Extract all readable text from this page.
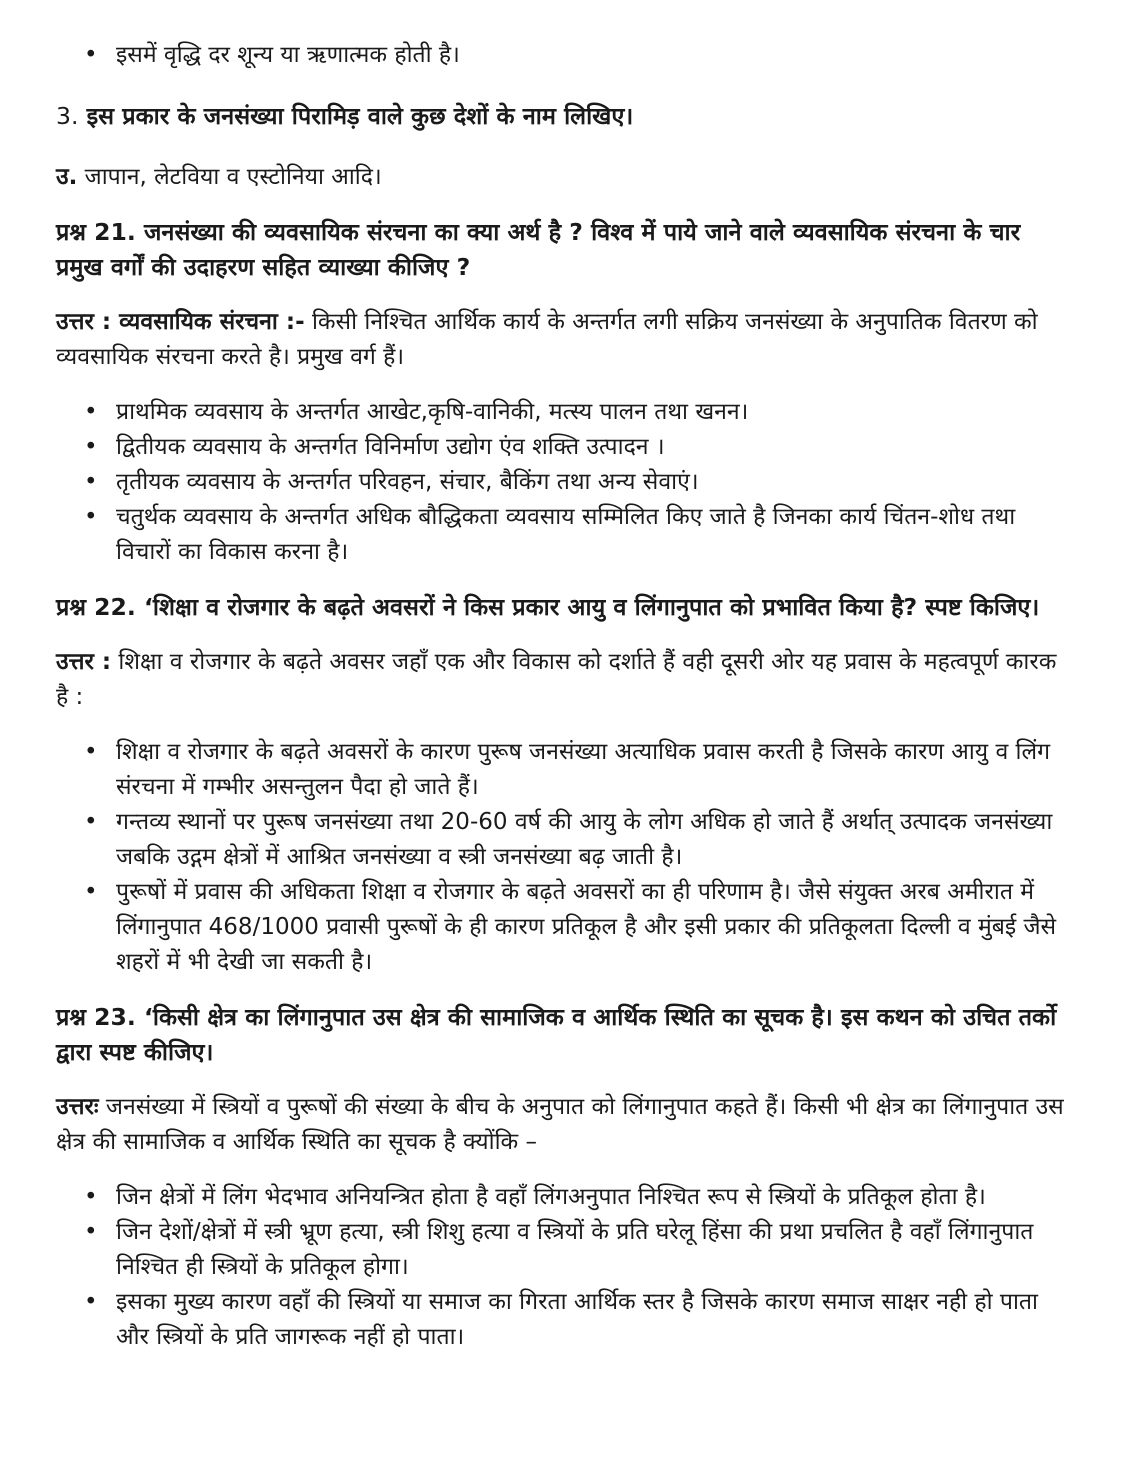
• इसमें वृद्धि दर शून्य या ऋणात्मक होती है।

3. इस प्रकार के जनसंख्या पिरामिड़ वाले कुछ देशों के नाम लिखिए।

उ. जापान, लेटविया व एस्टोनिया आदि।

प्रश्न 21. जनसंख्या की व्यवसायिक संरचना का क्या अर्थ है ? विश्व में पाये जाने वाले व्यवसायिक संरचना के चार प्रमुख वर्गों की उदाहरण सहित व्याख्या कीजिए ?

उत्तर : व्यवसायिक संरचना :- किसी निश्चित आर्थिक कार्य के अन्तर्गत लगी सक्रिय जनसंख्या के अनुपातिक वितरण को व्यवसायिक संरचना करते है। प्रमुख वर्ग हैं।

• प्राथमिक व्यवसाय के अन्तर्गत आखेट,कृषि-वानिकी, मत्स्य पालन तथा खनन।
• द्वितीयक व्यवसाय के अन्तर्गत विनिर्माण उद्योग एंव शक्ति उत्पादन ।
• तृतीयक व्यवसाय के अन्तर्गत परिवहन, संचार, बैकिंग तथा अन्य सेवाएं।
• चतुर्थक व्यवसाय के अन्तर्गत अधिक बौद्धिकता व्यवसाय सम्मिलित किए जाते है जिनका कार्य चिंतन-शोध तथा विचारों का विकास करना है।

प्रश्न 22. ‘शिक्षा व रोजगार के बढ़ते अवसरों ने किस प्रकार आयु व लिंगानुपात को प्रभावित किया है? स्पष्ट किजिए।

उत्तर : शिक्षा व रोजगार के बढ़ते अवसर जहाँ एक और विकास को दर्शाते हैं वही दूसरी ओर यह प्रवास के महत्वपूर्ण कारक है :

• शिक्षा व रोजगार के बढ़ते अवसरों के कारण पुरूष जनसंख्या अत्याधिक प्रवास करती है जिसके कारण आयु व लिंग संरचना में गम्भीर असन्तुलन पैदा हो जाते हैं।
• गन्तव्य स्थानों पर पुरूष जनसंख्या तथा 20-60 वर्ष की आयु के लोग अधिक हो जाते हैं अर्थात् उत्पादक जनसंख्या जबकि उद्गम क्षेत्रों में आश्रित जनसंख्या व स्त्री जनसंख्या बढ़ जाती है।
• पुरूषों में प्रवास की अधिकता शिक्षा व रोजगार के बढ़ते अवसरों का ही परिणाम है। जैसे संयुक्त अरब अमीरात में लिंगानुपात 468/1000 प्रवासी पुरूषों के ही कारण प्रतिकूल है और इसी प्रकार की प्रतिकूलता दिल्ली व मुंबई जैसे शहरों में भी देखी जा सकती है।

प्रश्न 23. ‘किसी क्षेत्र का लिंगानुपात उस क्षेत्र की सामाजिक व आर्थिक स्थिति का सूचक है। इस कथन को उचित तर्को द्वारा स्पष्ट कीजिए।

उत्तरः जनसंख्या में स्त्रियों व पुरूषों की संख्या के बीच के अनुपात को लिंगानुपात कहते हैं। किसी भी क्षेत्र का लिंगानुपात उस क्षेत्र की सामाजिक व आर्थिक स्थिति का सूचक है क्योंकि –

• जिन क्षेत्रों में लिंग भेदभाव अनियन्त्रित होता है वहाँ लिंगअनुपात निश्चित रूप से स्त्रियों के प्रतिकूल होता है।
• जिन देशों/क्षेत्रों में स्त्री भ्रूण हत्या, स्त्री शिशु हत्या व स्त्रियों के प्रति घरेलू हिंसा की प्रथा प्रचलित है वहाँ लिंगानुपात निश्चित ही स्त्रियों के प्रतिकूल होगा।
• इसका मुख्य कारण वहाँ की स्त्रियों या समाज का गिरता आर्थिक स्तर है जिसके कारण समाज साक्षर नही हो पाता और स्त्रियों के प्रति जागरूक नहीं हो पाता।
